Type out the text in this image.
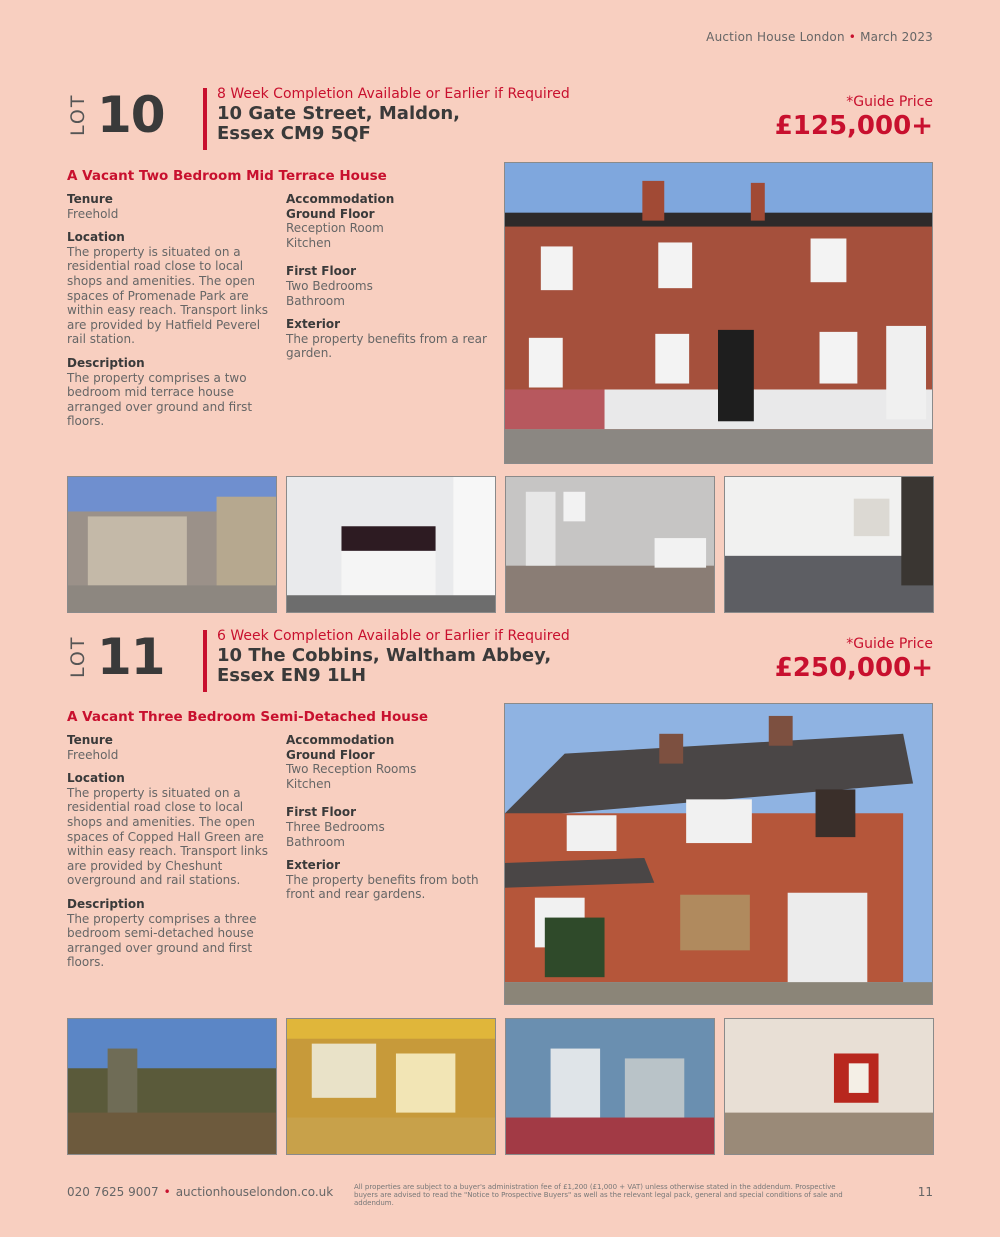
Auction House London • March 2023
LOT 10	8 Week Completion Available or Earlier if Required
10 Gate Street, Maldon,
Essex CM9 5QF
*Guide Price
£125,000+
A Vacant Two Bedroom Mid Terrace House
Tenure
Freehold
Location
The property is situated on a residential road close to local shops and amenities. The open spaces of Promenade Park are within easy reach. Transport links are provided by Hatfield Peverel rail station.
Description
The property comprises a two bedroom mid terrace house arranged over ground and first floors.
Accommodation
Ground Floor
Reception Room
Kitchen
First Floor
Two Bedrooms
Bathroom
Exterior
The property benefits from a rear garden.
LOT 11	6 Week Completion Available or Earlier if Required
10 The Cobbins, Waltham Abbey,
Essex EN9 1LH
*Guide Price
£250,000+
A Vacant Three Bedroom Semi-Detached House
Tenure
Freehold
Location
The property is situated on a residential road close to local shops and amenities. The open spaces of Copped Hall Green are within easy reach. Transport links are provided by Cheshunt overground and rail stations.
Description
The property comprises a three bedroom semi-detached house arranged over ground and first floors.
Accommodation
Ground Floor
Two Reception Rooms
Kitchen
First Floor
Three Bedrooms
Bathroom
Exterior
The property benefits from both front and rear gardens.
020 7625 9007 • auctionhouselondon.co.uk	All properties are subject to a buyer's administration fee of £1,200 (£1,000 + VAT) unless otherwise stated in the addendum. Prospective buyers are advised to read the "Notice to Prospective Buyers" as well as the relevant legal pack, general and special conditions of sale and addendum.
11
